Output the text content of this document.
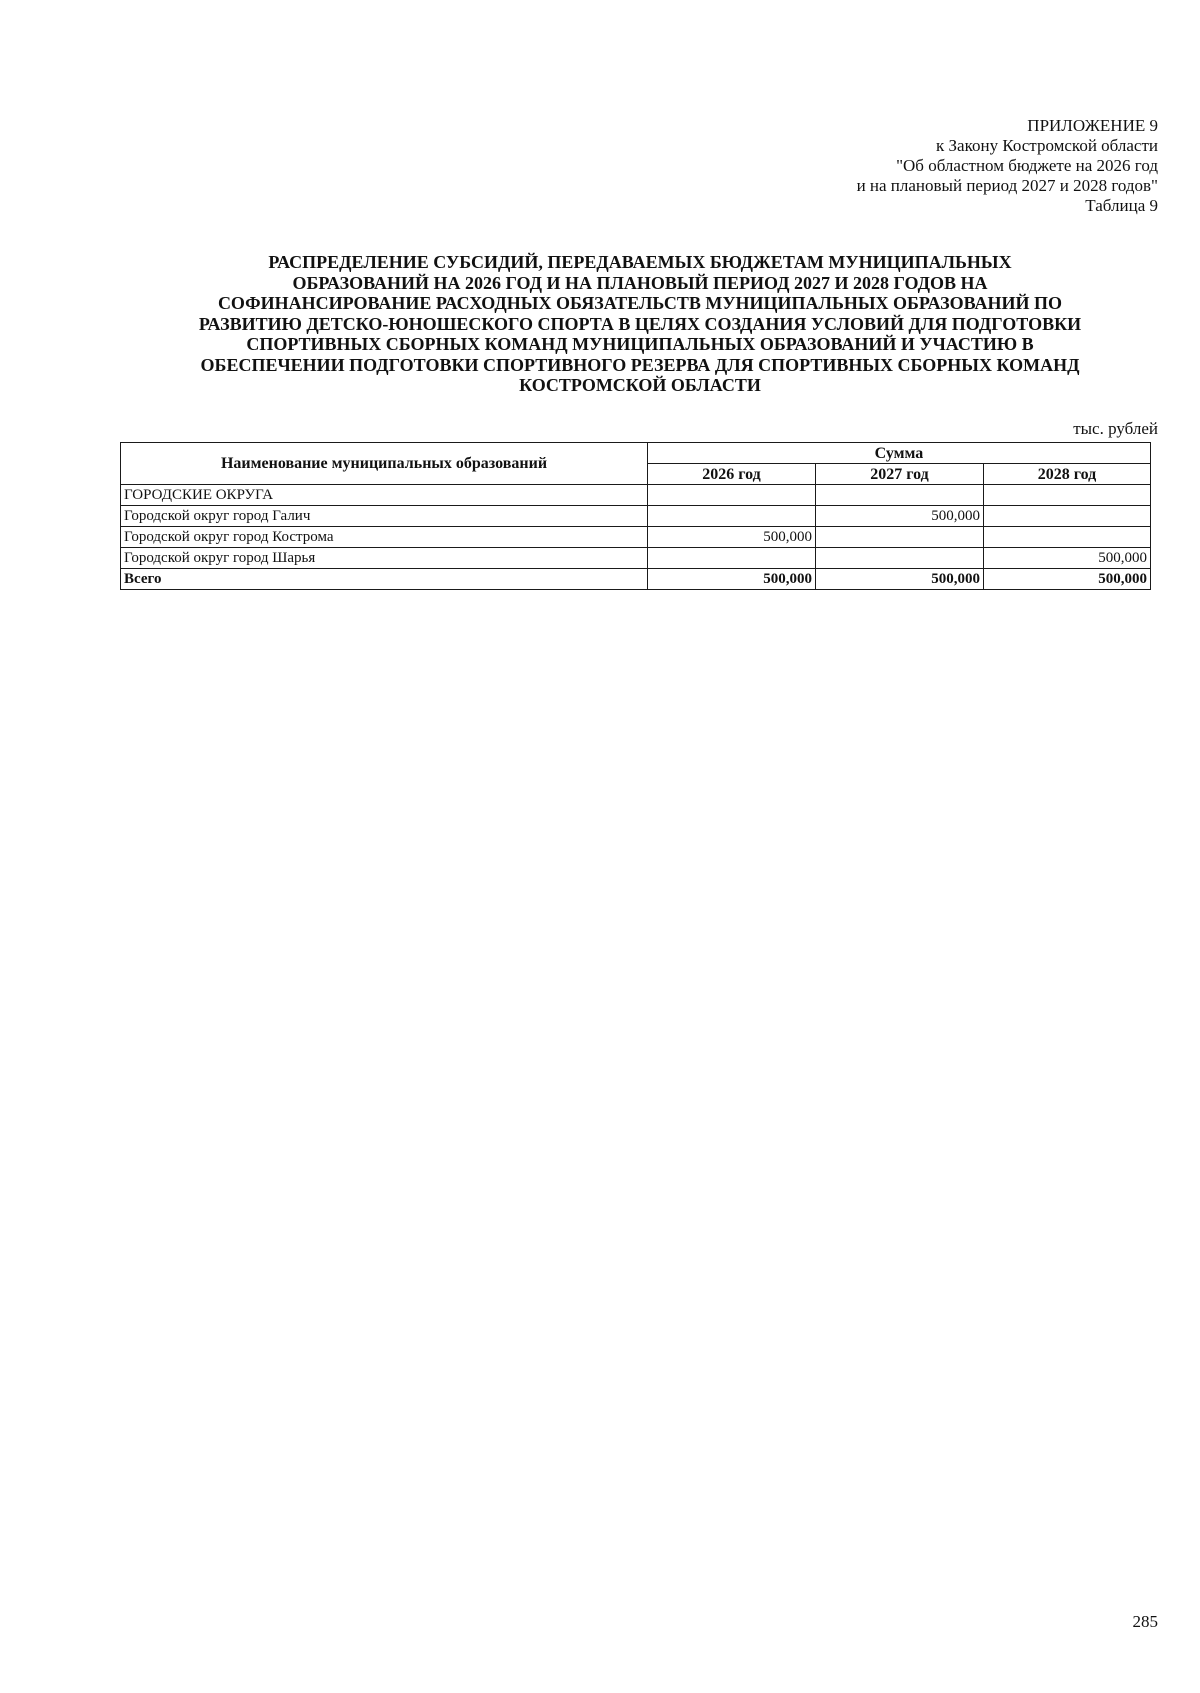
ПРИЛОЖЕНИЕ 9
к Закону Костромской области
"Об областном бюджете на 2026 год
и на плановый период 2027 и 2028 годов"
Таблица 9
РАСПРЕДЕЛЕНИЕ СУБСИДИЙ, ПЕРЕДАВАЕМЫХ БЮДЖЕТАМ МУНИЦИПАЛЬНЫХ
ОБРАЗОВАНИЙ НА 2026 ГОД И НА ПЛАНОВЫЙ ПЕРИОД 2027 И 2028 ГОДОВ НА
СОФИНАНСИРОВАНИЕ РАСХОДНЫХ ОБЯЗАТЕЛЬСТВ МУНИЦИПАЛЬНЫХ ОБРАЗОВАНИЙ ПО
РАЗВИТИЮ ДЕТСКО-ЮНОШЕСКОГО СПОРТА В ЦЕЛЯХ СОЗДАНИЯ УСЛОВИЙ ДЛЯ ПОДГОТОВКИ
СПОРТИВНЫХ СБОРНЫХ КОМАНД МУНИЦИПАЛЬНЫХ ОБРАЗОВАНИЙ И УЧАСТИЮ В
ОБЕСПЕЧЕНИИ ПОДГОТОВКИ СПОРТИВНОГО РЕЗЕРВА ДЛЯ СПОРТИВНЫХ СБОРНЫХ КОМАНД
КОСТРОМСКОЙ ОБЛАСТИ
тыс. рублей
Наименование муниципальных образований	Сумма		
	2026 год	2027 год	2028 год
ГОРОДСКИЕ ОКРУГА			
Городской округ город Галич		500,000	
Городской округ город Кострома	500,000		
Городской округ город Шарья			500,000
Всего	500,000	500,000	500,000
285
